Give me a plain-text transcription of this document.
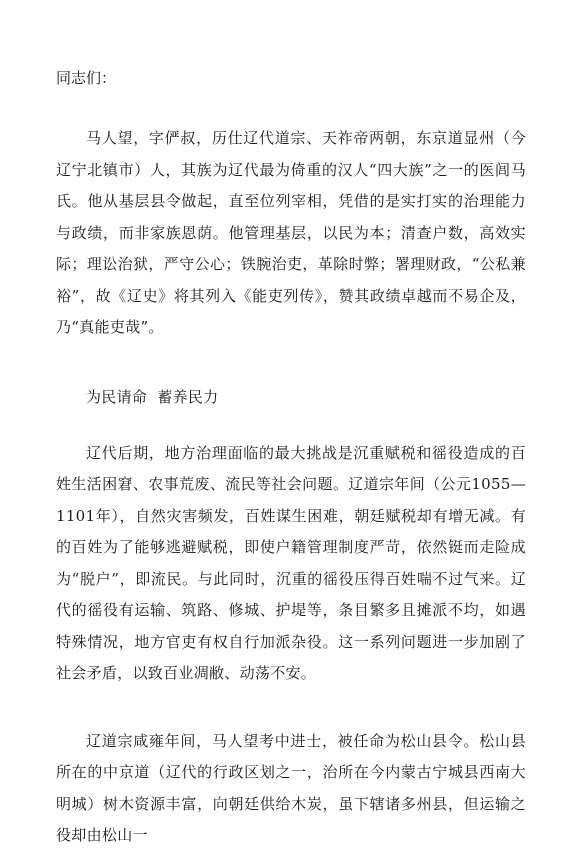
同志们：

马人望，字俨叔，历仕辽代道宗、天祚帝两朝，东京道显州（今辽宁北镇市）人，其族为辽代最为倚重的汉人“四大族”之一的医闾马氏。他从基层县令做起，直至位列宰相，凭借的是实打实的治理能力与政绩，而非家族恩荫。他管理基层，以民为本；清查户数，高效实际；理讼治狱，严守公心；铁腕治吏，革除时弊；署理财政，“公私兼裕”，故《辽史》将其列入《能吏列传》，赞其政绩卓越而不易企及，乃“真能吏哉”。

为民请命  蓄养民力

辽代后期，地方治理面临的最大挑战是沉重赋税和徭役造成的百姓生活困窘、农事荒废、流民等社会问题。辽道宗年间（公元1055—1101年），自然灾害频发，百姓谋生困难，朝廷赋税却有增无减。有的百姓为了能够逃避赋税，即使户籍管理制度严苛，依然铤而走险成为“脱户”，即流民。与此同时，沉重的徭役压得百姓喘不过气来。辽代的徭役有运输、筑路、修城、护堤等，条目繁多且摊派不均，如遇特殊情况，地方官吏有权自行加派杂役。这一系列问题进一步加剧了社会矛盾，以致百业凋敝、动荡不安。

辽道宗咸雍年间，马人望考中进士，被任命为松山县令。松山县所在的中京道（辽代的行政区划之一，治所在今内蒙古宁城县西南大明城）树木资源丰富，向朝廷供给木炭，虽下辖诸多州县，但运输之役却由松山一
